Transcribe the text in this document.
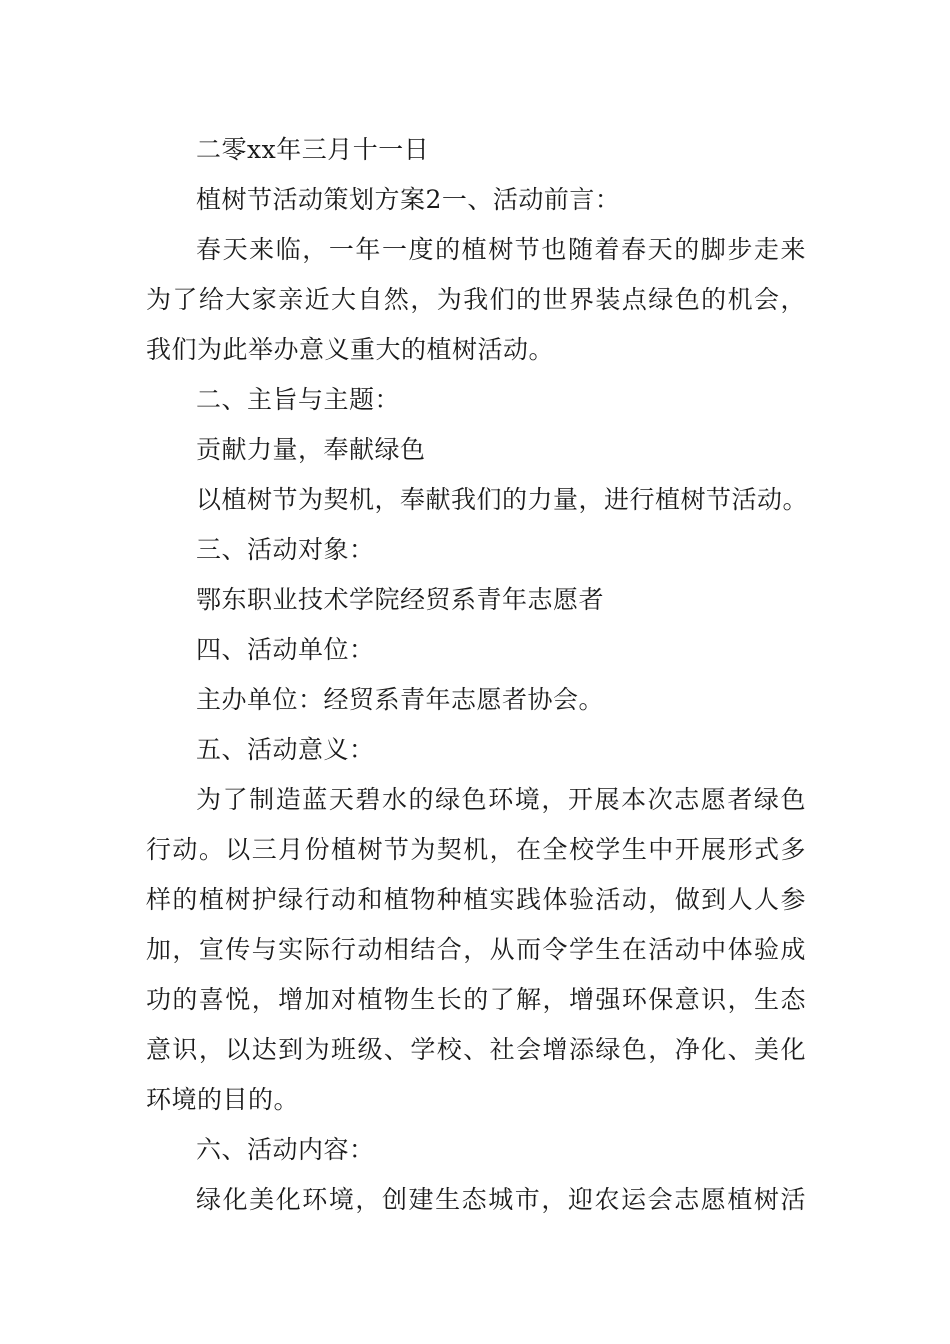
二零xx年三月十一日
植树节活动策划方案2一、活动前言：
春天来临，一年一度的植树节也随着春天的脚步走来
为了给大家亲近大自然，为我们的世界装点绿色的机会，
我们为此举办意义重大的植树活动。
二、主旨与主题：
贡献力量，奉献绿色
以植树节为契机，奉献我们的力量，进行植树节活动。
三、活动对象：
鄂东职业技术学院经贸系青年志愿者
四、活动单位：
主办单位：经贸系青年志愿者协会。
五、活动意义：
为了制造蓝天碧水的绿色环境，开展本次志愿者绿色
行动。以三月份植树节为契机，在全校学生中开展形式多
样的植树护绿行动和植物种植实践体验活动，做到人人参
加，宣传与实际行动相结合，从而令学生在活动中体验成
功的喜悦，增加对植物生长的了解，增强环保意识，生态
意识，以达到为班级、学校、社会增添绿色，净化、美化
环境的目的。
六、活动内容：
绿化美化环境，创建生态城市，迎农运会志愿植树活
